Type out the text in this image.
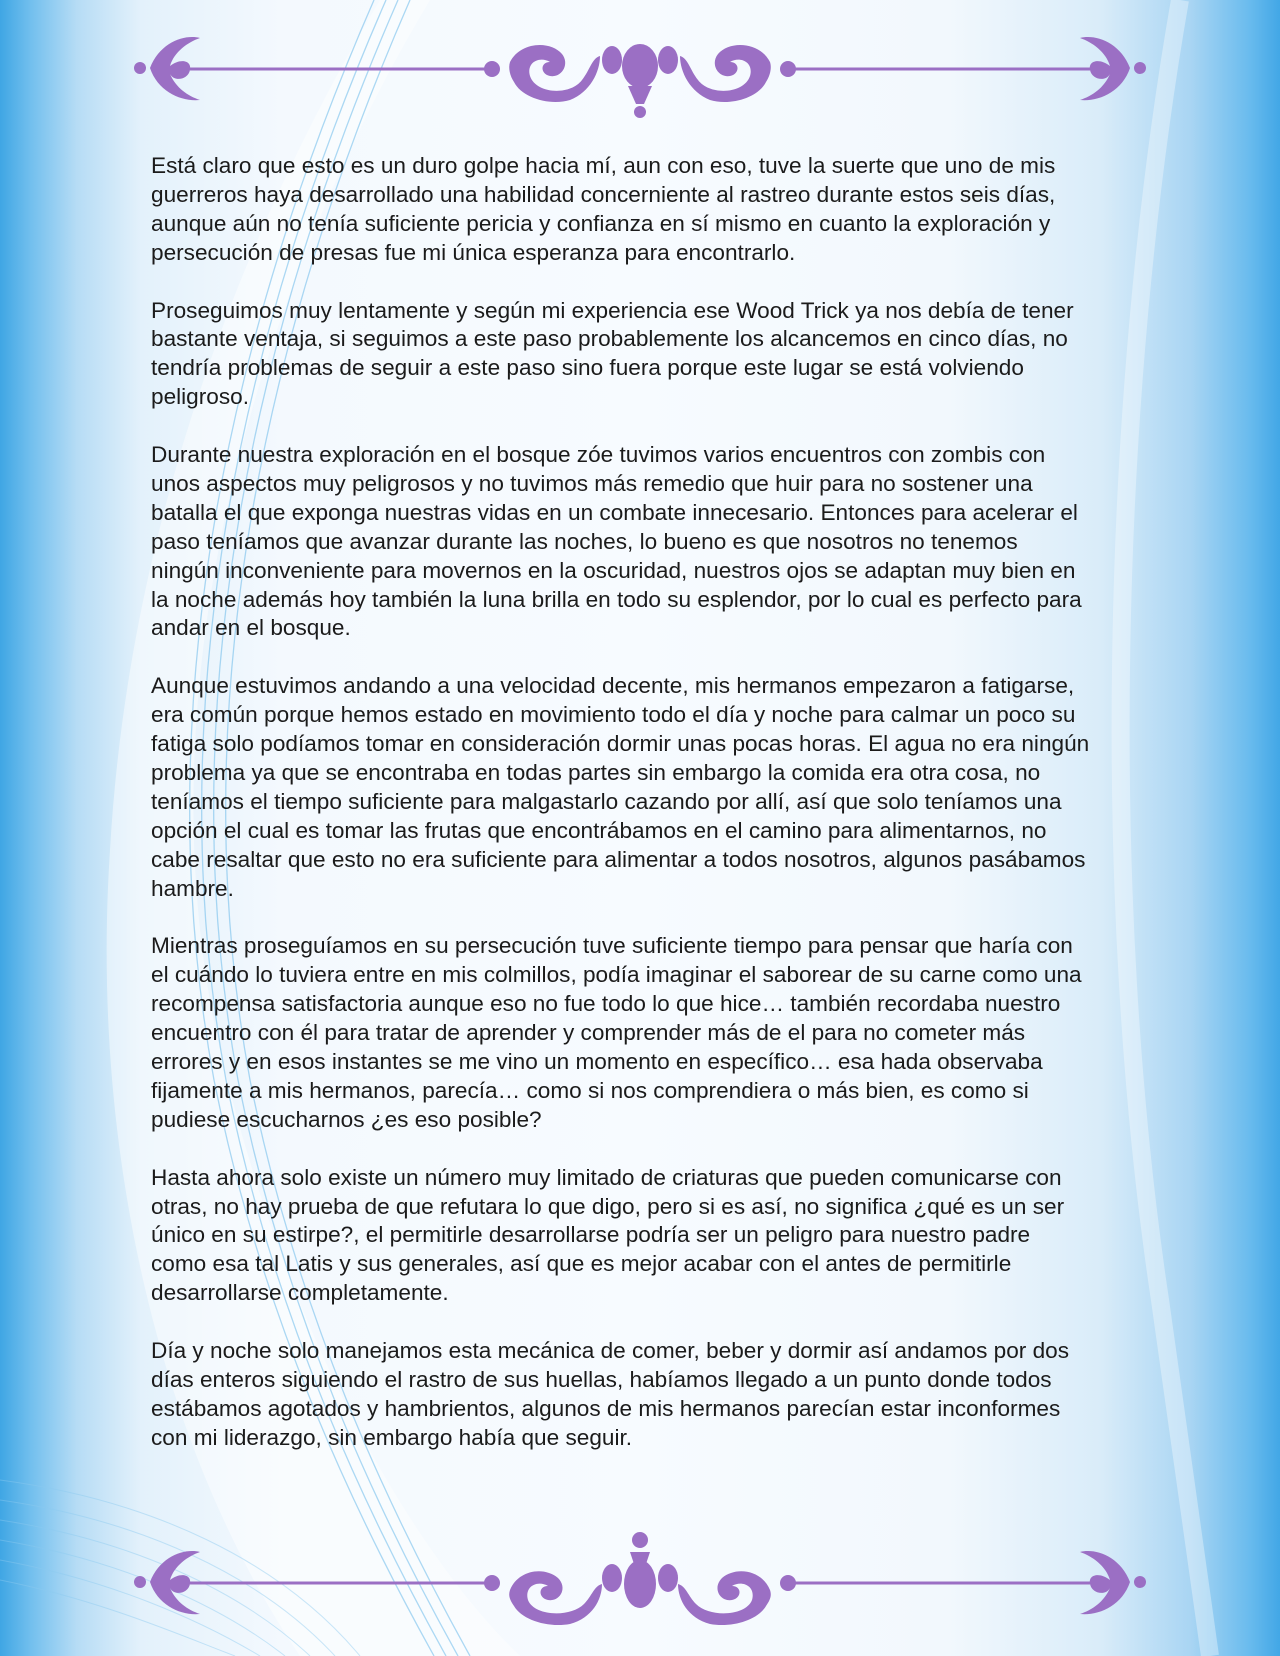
Está claro que esto es un duro golpe hacia mí, aun con eso, tuve la suerte que uno de mis guerreros haya desarrollado una habilidad concerniente al rastreo durante estos seis días, aunque aún no tenía suficiente pericia y confianza en sí mismo en cuanto la exploración y persecución de presas fue mi única esperanza para encontrarlo.

Proseguimos muy lentamente y según mi experiencia ese Wood Trick ya nos debía de tener bastante ventaja, si seguimos a este paso probablemente los alcancemos en cinco días, no tendría problemas de seguir a este paso sino fuera porque este lugar se está volviendo peligroso.

Durante nuestra exploración en el bosque zóe tuvimos varios encuentros con zombis con unos aspectos muy peligrosos y no tuvimos más remedio que huir para no sostener una batalla el que exponga nuestras vidas en un combate innecesario. Entonces para acelerar el paso teníamos que avanzar durante las noches, lo bueno es que nosotros no tenemos ningún inconveniente para movernos en la oscuridad, nuestros ojos se adaptan muy bien en la noche además hoy también la luna brilla en todo su esplendor, por lo cual es perfecto para andar en el bosque.

Aunque estuvimos andando a una velocidad decente, mis hermanos empezaron a fatigarse, era común porque hemos estado en movimiento todo el día y noche para calmar un poco su fatiga solo podíamos tomar en consideración dormir unas pocas horas. El agua no era ningún problema ya que se encontraba en todas partes sin embargo la comida era otra cosa, no teníamos el tiempo suficiente para malgastarlo cazando por allí, así que solo teníamos una opción el cual es tomar las frutas que encontrábamos en el camino para alimentarnos, no cabe resaltar que esto no era suficiente para alimentar a todos nosotros, algunos pasábamos hambre.

Mientras proseguíamos en su persecución tuve suficiente tiempo para pensar que haría con el cuándo lo tuviera entre en mis colmillos, podía imaginar el saborear de su carne como una recompensa satisfactoria aunque eso no fue todo lo que hice… también recordaba nuestro encuentro con él para tratar de aprender y comprender más de el para no cometer más errores y en esos instantes se me vino un momento en específico… esa hada observaba fijamente a mis hermanos, parecía… como si nos comprendiera o más bien, es como si pudiese escucharnos ¿es eso posible?

Hasta ahora solo existe un número muy limitado de criaturas que pueden comunicarse con otras, no hay prueba de que refutara lo que digo, pero si es así, no significa ¿qué es un ser único en su estirpe?, el permitirle desarrollarse podría ser un peligro para nuestro padre como esa tal Latis y sus generales, así que es mejor acabar con el antes de permitirle desarrollarse completamente.

Día y noche solo manejamos esta mecánica de comer, beber y dormir así andamos por dos días enteros siguiendo el rastro de sus huellas, habíamos llegado a un punto donde todos estábamos agotados y hambrientos, algunos de mis hermanos parecían estar inconformes con mi liderazgo, sin embargo había que seguir.
